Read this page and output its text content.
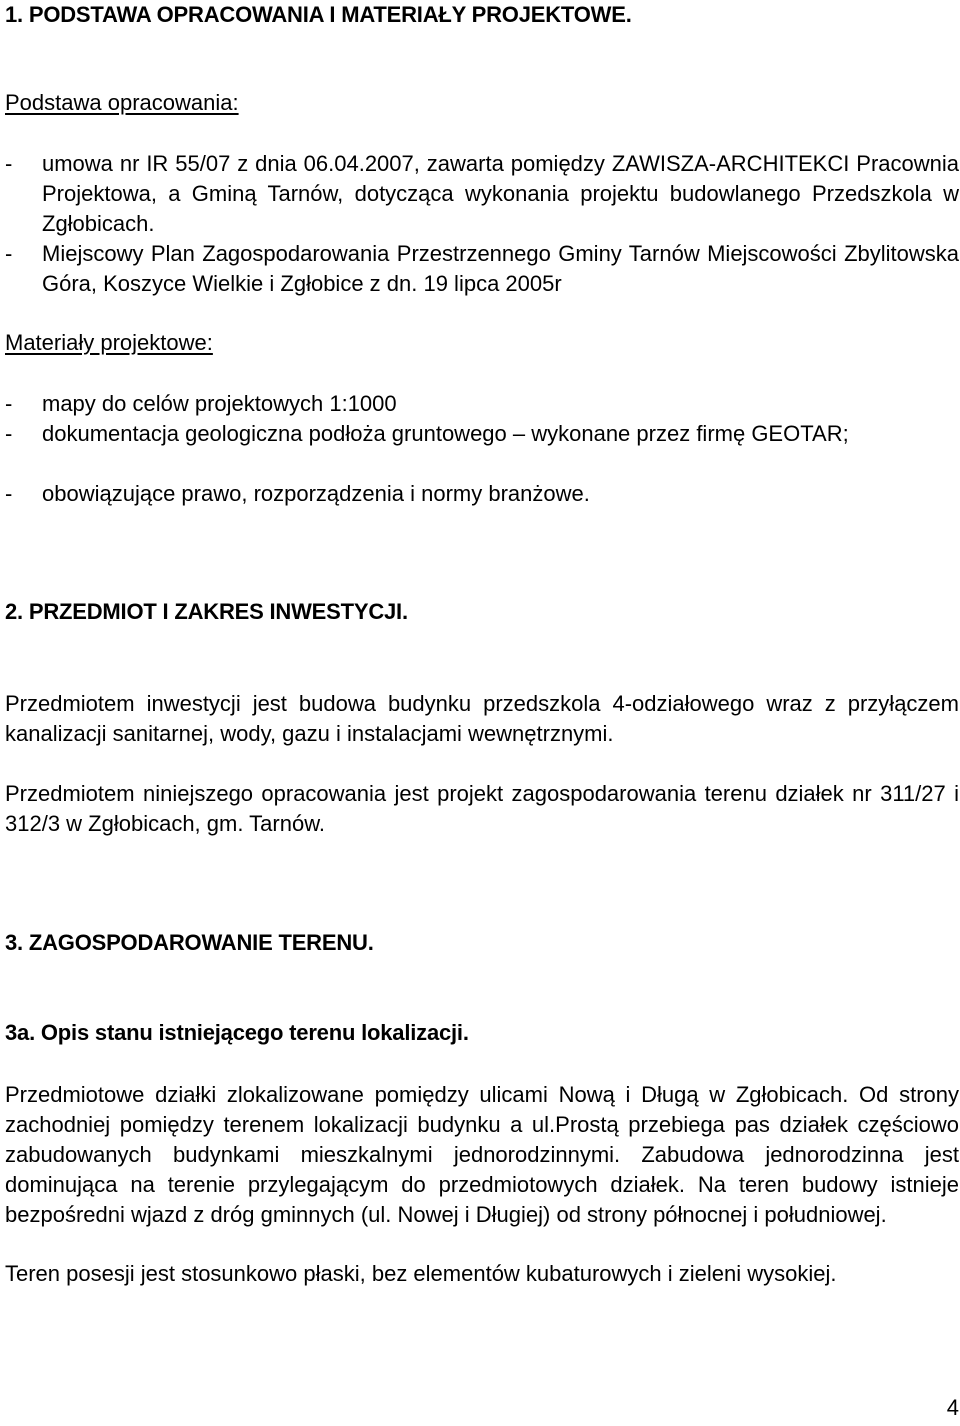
1. PODSTAWA OPRACOWANIA I MATERIAŁY PROJEKTOWE.
Podstawa opracowania:
-	umowa nr IR 55/07 z dnia 06.04.2007, zawarta pomiędzy ZAWISZA-ARCHITEKCI Pracownia Projektowa, a Gminą Tarnów, dotycząca wykonania projektu budowlanego Przedszkola w Zgłobicach.
-	Miejscowy Plan Zagospodarowania Przestrzennego Gminy Tarnów Miejscowości Zbylitowska Góra, Koszyce Wielkie i Zgłobice z dn. 19 lipca 2005r
Materiały projektowe:
-	mapy do celów projektowych 1:1000
-	dokumentacja geologiczna podłoża gruntowego – wykonane przez firmę GEOTAR;
-	obowiązujące prawo, rozporządzenia i normy branżowe.
2. PRZEDMIOT I ZAKRES INWESTYCJI.
Przedmiotem inwestycji jest budowa budynku przedszkola 4-odziałowego wraz z przyłączem kanalizacji sanitarnej, wody, gazu i instalacjami wewnętrznymi.
Przedmiotem niniejszego opracowania jest projekt zagospodarowania terenu działek nr 311/27 i 312/3 w Zgłobicach, gm. Tarnów.
3. ZAGOSPODAROWANIE TERENU.
3a. Opis stanu istniejącego terenu lokalizacji.
Przedmiotowe działki zlokalizowane pomiędzy ulicami Nową i Długą w Zgłobicach. Od strony zachodniej pomiędzy terenem lokalizacji budynku a ul.Prostą przebiega pas działek częściowo zabudowanych budynkami mieszkalnymi jednorodzinnymi. Zabudowa jednorodzinna jest dominująca na terenie przylegającym do przedmiotowych działek. Na teren budowy istnieje bezpośredni wjazd z dróg gminnych (ul. Nowej i Długiej) od strony północnej i południowej.
Teren posesji jest stosunkowo płaski, bez elementów kubaturowych i zieleni wysokiej.
4
